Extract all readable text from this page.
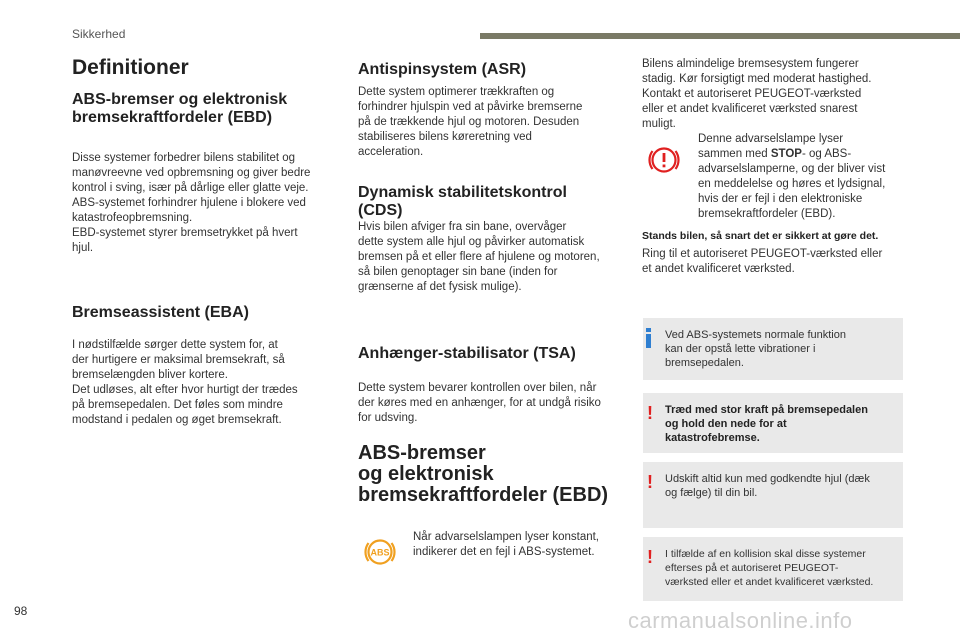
Sikkerhed
Definitioner
ABS-bremser og elektronisk
bremsekraftfordeler (EBD)

Disse systemer forbedrer bilens stabilitet og
manøvreevne ved opbremsning og giver bedre
kontrol i sving, især på dårlige eller glatte veje.
ABS-systemet forhindrer hjulene i blokere ved
katastrofeopbremsning.
EBD-systemet styrer bremsetrykket på hvert
hjul.

Bremseassistent (EBA)

I nødstilfælde sørger dette system for, at
der hurtigere er maksimal bremsekraft, så
bremselængden bliver kortere.
Det udløses, alt efter hvor hurtigt der trædes
på bremsepedalen. Det føles som mindre
modstand i pedalen og øget bremsekraft.

Antispinsystem (ASR)

Dette system optimerer trækkraften og
forhindrer hjulspin ved at påvirke bremserne
på de trækkende hjul og motoren. Desuden
stabiliseres bilens køreretning ved
acceleration.

Dynamisk stabilitetskontrol
(CDS)

Hvis bilen afviger fra sin bane, overvåger
dette system alle hjul og påvirker automatisk
bremsen på et eller flere af hjulene og motoren,
så bilen genoptager sin bane (inden for
grænserne af det fysisk mulige).

Anhænger-stabilisator (TSA)

Dette system bevarer kontrollen over bilen, når
der køres med en anhænger, for at undgå risiko
for udsving.

ABS-bremser
og elektronisk
bremsekraftfordeler (EBD)
ABS

Når advarselslampen lyser konstant,
indikerer det en fejl i ABS-systemet.

Bilens almindelige bremsesystem fungerer
stadig. Kør forsigtigt med moderat hastighed.
Kontakt et autoriseret PEUGEOT-værksted
eller et andet kvalificeret værksted snarest
muligt.

Denne advarselslampe lyser
sammen med STOP- og ABS-
advarselslamperne, og der bliver vist
en meddelelse og høres et lydsignal,
hvis der er fejl i den elektroniske
bremsekraftfordeler (EBD).

Stands bilen, så snart det er sikkert at gøre det.

Ring til et autoriseret PEUGEOT-værksted eller
et andet kvalificeret værksted.

Ved ABS-systemets normale funktion
kan der opstå lette vibrationer i
bremsepedalen.
! Træd med stor kraft på bremsepedalen
og hold den nede for at
katastrofebremse.
! Udskift altid kun med godkendte hjul (dæk
og fælge) til din bil.
! I tilfælde af en kollision skal disse systemer
efterses på et autoriseret PEUGEOT-
værksted eller et andet kvalificeret værksted.
98	carmanualsonline.info
